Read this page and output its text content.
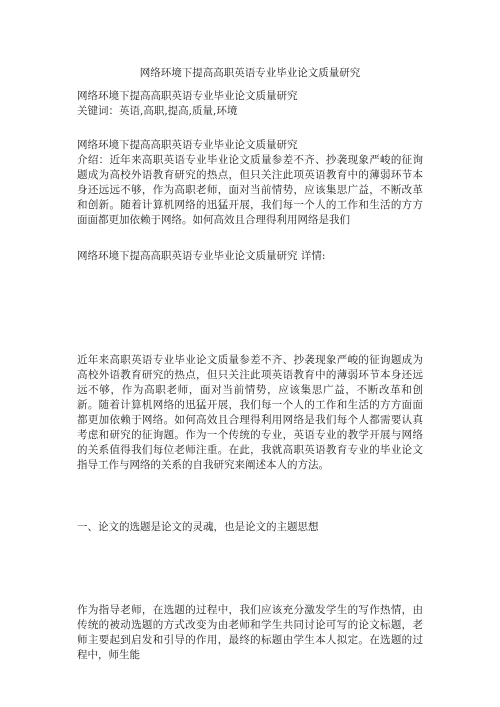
网络环境下提高高职英语专业毕业论文质量研究

网络环境下提高高职英语专业毕业论文质量研究

关键词：英语,高职,提高,质量,环境

网络环境下提高高职英语专业毕业论文质量研究

介绍：近年来高职英语专业毕业论文质量参差不齐、抄袭现象严峻的征询题成为高校外语教育研究的热点，但只关注此项英语教育中的薄弱环节本身还远远不够，作为高职老师，面对当前情势，应该集思广益，不断改革和创新。随着计算机网络的迅猛开展，我们每一个人的工作和生活的方方面面都更加依赖于网络。如何高效且合理得利用网络是我们

网络环境下提高高职英语专业毕业论文质量研究 详情:

近年来高职英语专业毕业论文质量参差不齐、抄袭现象严峻的征询题成为高校外语教育研究的热点，但只关注此项英语教育中的薄弱环节本身还远远不够，作为高职老师，面对当前情势，应该集思广益，不断改革和创新。随着计算机网络的迅猛开展，我们每一个人的工作和生活的方方面面都更加依赖于网络。如何高效且合理得利用网络是我们每个人都需要认真考虑和研究的征询题。作为一个传统的专业，英语专业的教学开展与网络的关系值得我们每位老师注重。在此，我就高职英语教育专业的毕业论文指导工作与网络的关系的自我研究来阐述本人的方法。

一、论文的选题是论文的灵魂，也是论文的主题思想

作为指导老师，在选题的过程中，我们应该充分激发学生的写作热情，由传统的被动选题的方式改变为由老师和学生共同讨论可写的论文标题，老师主要起到启发和引导的作用，最终的标题由学生本人拟定。在选题的过程中，师生能
